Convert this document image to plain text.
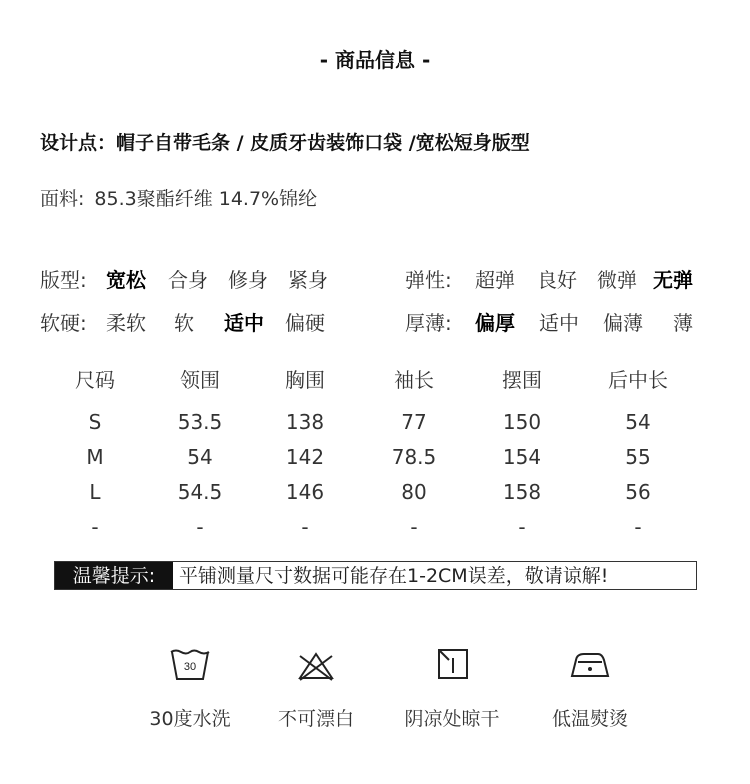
- 商品信息 -
设计点：帽子自带毛条 / 皮质牙齿装饰口袋 /宽松短身版型
面料: 85.3聚酯纤维 14.7%锦纶
版型: 宽松 合身 修身 紧身	弹性: 超弹 良好 微弹 无弹
软硬: 柔软 软 适中 偏硬	厚薄: 偏厚 适中 偏薄 薄
尺码	领围	胸围	袖长	摆围	后中长
S	53.5	138	77	150	54
M	54	142	78.5	154	55
L	54.5	146	80	158	56
-	-	-	-	-	-
温馨提示:	平铺测量尺寸数据可能存在1-2CM误差，敬请谅解!
30
30度水洗	不可漂白	阴凉处晾干	低温熨烫
